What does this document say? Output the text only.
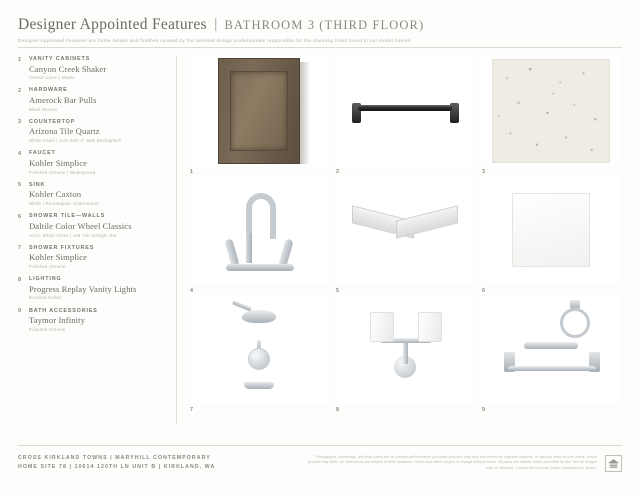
Designer Appointed Features | BATHROOM 3 (THIRD FLOOR)
Designer Appointed Features are home details and finishes curated by the talented design professionals responsible for the stunning looks found in our model homes.
1	VANITY CABINETS
Canyon Creek Shaker
Classic Linen | Maple
2	HARDWARE
Amerock Bar Pulls
Black Bronze
3	COUNTERTOP
Arizona Tile Quartz
White Oasis | 2cm With 4" Matl Backsplash
4	FAUCET
Kohler Simplice
Polished Chrome | Widespread
5	SINK
Kohler Caxton
White | Rectangular Undermount
6	SHOWER TILE—WALLS
Daltile Color Wheel Classics
Arctic White Gloss | 4x8 Tile Straight Set
7	SHOWER FIXTURES
Kohler Simplice
Polished Chrome
8	LIGHTING
Progress Replay Vanity Lights
Brushed Nickel
9	BATH ACCESSORIES
Taymor Infinity
Polished Chrome
1	2	3
4	5	6
7	8	9
CROSS KIRKLAND TOWNS | MARYHILL CONTEMPORARY
HOME SITE 78 | 10614 120TH LN UNIT B | KIRKLAND, WA
Photographs, renderings, and floor plans are for conceptual/illustrative purposes only and may vary and reflect lot, upgrade features, or optional items at your home. Actual product may differ. All dimensions are subject to field variations. Prices and offers subject to change without notice. All plans are offered where permitted by law. See all images may be reflected. Consult the in-house Sales Consultant for details.
